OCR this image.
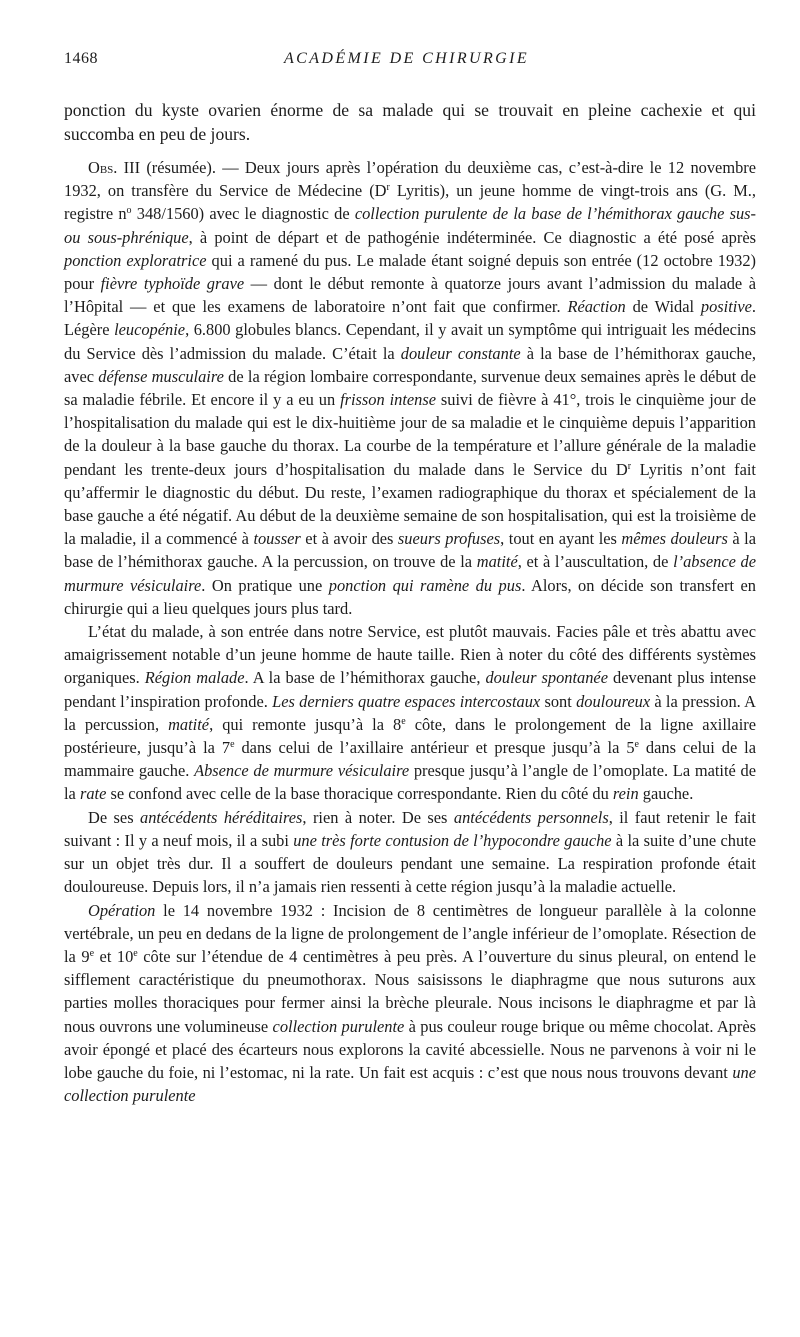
1468	ACADÉMIE DE CHIRURGIE

ponction du kyste ovarien énorme de sa malade qui se trouvait en pleine cachexie et qui succomba en peu de jours.

Obs. III (résumée). — Deux jours après l’opération du deuxième cas, c’est-à-dire le 12 novembre 1932, on transfère du Service de Médecine ($D^r$ Lyritis), un jeune homme de vingt-trois ans (G. M., registre $n^o$ 348/1560) avec le diagnostic de collection purulente de la base de l’hémithorax gauche sus- ou sous-phrénique, à point de départ et de pathogénie indéterminée. Ce diagnostic a été posé après ponction exploratrice qui a ramené du pus. Le malade étant soigné depuis son entrée (12 octobre 1932) pour fièvre typhoïde grave — dont le début remonte à quatorze jours avant l’admission du malade à l’Hôpital — et que les examens de laboratoire n’ont fait que confirmer. Réaction de Widal positive. Légère leucopénie, 6.800 globules blancs. Cependant, il y avait un symptôme qui intriguait les médecins du Service dès l’admission du malade. C’était la douleur constante à la base de l’hémithorax gauche, avec défense musculaire de la région lombaire correspondante, survenue deux semaines après le début de sa maladie fébrile. Et encore il y a eu un frisson intense suivi de fièvre à 41°, trois le cinquième jour de l’hospitalisation du malade qui est le dix-huitième jour de sa maladie et le cinquième depuis l’apparition de la douleur à la base gauche du thorax. La courbe de la température et l’allure générale de la maladie pendant les trente-deux jours d’hospitalisation du malade dans le Service du $D^r$ Lyritis n’ont fait qu’affermir le diagnostic du début. Du reste, l’examen radiographique du thorax et spécialement de la base gauche a été négatif. Au début de la deuxième semaine de son hospitalisation, qui est la troisième de la maladie, il a commencé à tousser et à avoir des sueurs profuses, tout en ayant les mêmes douleurs à la base de l’hémithorax gauche. A la percussion, on trouve de la matité, et à l’auscultation, de l’absence de murmure vésiculaire. On pratique une ponction qui ramène du pus. Alors, on décide son transfert en chirurgie qui a lieu quelques jours plus tard.

L’état du malade, à son entrée dans notre Service, est plutôt mauvais. Facies pâle et très abattu avec amaigrissement notable d’un jeune homme de haute taille. Rien à noter du côté des différents systèmes organiques. Région malade. A la base de l’hémithorax gauche, douleur spontanée devenant plus intense pendant l’inspiration profonde. Les derniers quatre espaces intercostaux sont douloureux à la pression. A la percussion, matité, qui remonte jusqu’à la 8e côte, dans le prolongement de la ligne axillaire postérieure, jusqu’à la 7e dans celui de l’axillaire antérieur et presque jusqu’à la 5e dans celui de la mammaire gauche. Absence de murmure vésiculaire presque jusqu’à l’angle de l’omoplate. La matité de la rate se confond avec celle de la base thoracique correspondante. Rien du côté du rein gauche.

De ses antécédents héréditaires, rien à noter. De ses antécédents personnels, il faut retenir le fait suivant : Il y a neuf mois, il a subi une très forte contusion de l’hypocondre gauche à la suite d’une chute sur un objet très dur. Il a souffert de douleurs pendant une semaine. La respiration profonde était douloureuse. Depuis lors, il n’a jamais rien ressenti à cette région jusqu’à la maladie actuelle.

Opération le 14 novembre 1932 : Incision de 8 centimètres de longueur parallèle à la colonne vertébrale, un peu en dedans de la ligne de prolongement de l’angle inférieur de l’omoplate. Résection de la 9e et 10e côte sur l’étendue de 4 centimètres à peu près. A l’ouverture du sinus pleural, on entend le sifflement caractéristique du pneumothorax. Nous saisissons le diaphragme que nous suturons aux parties molles thoraciques pour fermer ainsi la brèche pleurale. Nous incisons le diaphragme et par là nous ouvrons une volumineuse collection purulente à pus couleur rouge brique ou même chocolat. Après avoir épongé et placé des écarteurs nous explorons la cavité abcessielle. Nous ne parvenons à voir ni le lobe gauche du foie, ni l’estomac, ni la rate. Un fait est acquis : c’est que nous nous trouvons devant une collection purulente
